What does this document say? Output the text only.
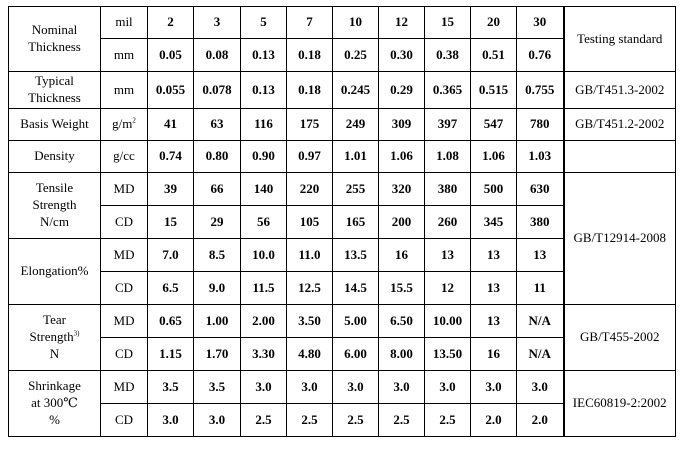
Nominal
Thickness	mil	2	3	5	7	10	12	15	20	30	Testing standard
	mm	0.05	0.08	0.13	0.18	0.25	0.30	0.38	0.51	0.76	

Typical
Thickness	mm	0.055	0.078	0.13	0.18	0.245	0.29	0.365	0.515	0.755	GB/T451.3-2002
Basis Weight	$g/m^2$	41	63	116	175	249	309	397	547	780	GB/T451.2-2002
Density	g/cc	0.74	0.80	0.90	0.97	1.01	1.06	1.08	1.06	1.03	

Tensile
Strength
N/cm	MD	39	66	140	220	255	320	380	500	630	GB/T12914-2008
	CD	15	29	56	105	165	200	260	345	380	
Elongation%	MD	7.0	8.5	10.0	11.0	13.5	16	13	13	13	
	CD	6.5	9.0	11.5	12.5	14.5	15.5	12	13	11	

Tear
Strength$^{3)}$
N	MD	0.65	1.00	2.00	3.50	5.00	6.50	10.00	13	N/A	GB/T455-2002
	CD	1.15	1.70	3.30	4.80	6.00	8.00	13.50	16	N/A	

Shrinkage
at 300℃
%	MD	3.5	3.5	3.0	3.0	3.0	3.0	3.0	3.0	3.0	IEC60819-2:2002
	CD	3.0	3.0	2.5	2.5	2.5	2.5	2.5	2.0	2.0	
